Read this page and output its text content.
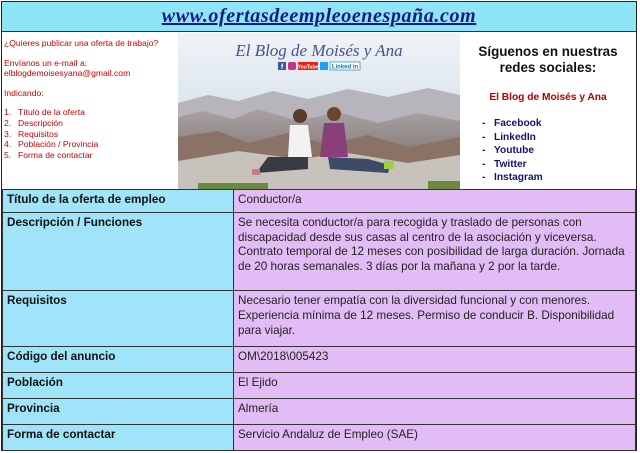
www.ofertasdeempleoenespaña.com

¿Quieres publicar una oferta de trabajo?

Envíanos un e-mail a:

elblogdemoisesyana@gmail.com

Indicando:

1. Título de la oferta
2. Descripción
3. Requisitos
4. Población / Provincia
5. Forma de contactar
El Blog de Moisés y Ana
f	YouTube Linked in
Síguenos en nuestras redes sociales:
El Blog de Moisés y Ana
- Facebook
- LinkedIn
- Youtube
- Twitter
- Instagram
Título de la oferta de empleo	Conductor/a
Descripción / Funciones	Se necesita conductor/a para recogida y traslado de personas con discapacidad desde sus casas al centro de la asociación y viceversa. Contrato temporal de 12 meses con posibilidad de larga duración. Jornada de 20 horas semanales. 3 días por la mañana y 2 por la tarde.
Requisitos	Necesario tener empatía con la diversidad funcional y con menores. Experiencia mínima de 12 meses. Permiso de conducir B. Disponibilidad para viajar.
Código del anuncio	OM\2018\005423
Población	El Ejido
Provincia	Almería
Forma de contactar	Servicio Andaluz de Empleo (SAE)
